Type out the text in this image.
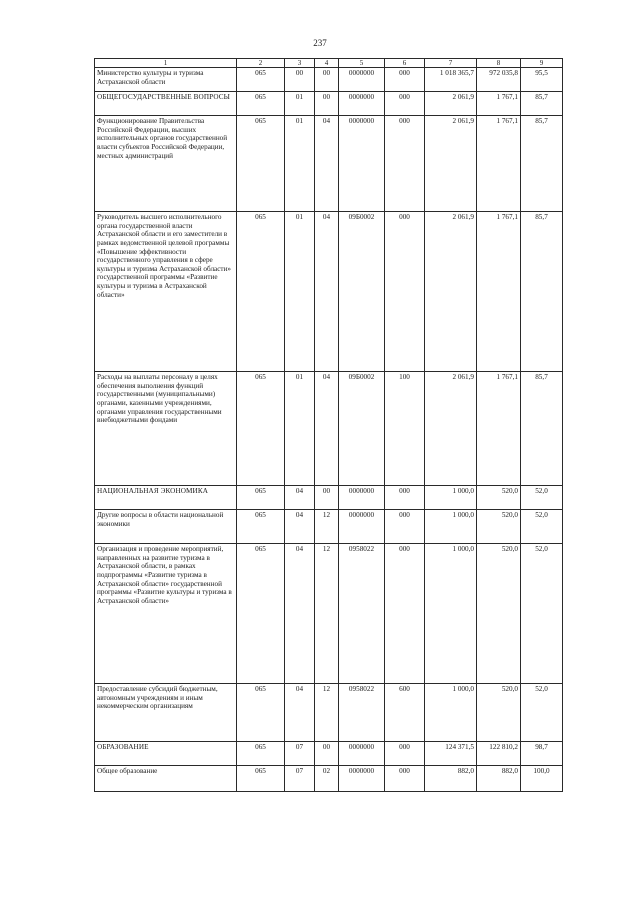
237
1	2	3	4	5	6	7	8	9
Министерство культуры и туризма Астраханской области	065	00	00	0000000	000	1 018 365,7	972 035,8	95,5
ОБЩЕГОСУДАРСТВЕННЫЕ ВОПРОСЫ	065	01	00	0000000	000	2 061,9	1 767,1	85,7
Функционирование Правительства Российской Федерации, высших исполнительных органов государственной власти субъектов Российской Федерации, местных администраций	065	01	04	0000000	000	2 061,9	1 767,1	85,7
Руководитель высшего исполнительного органа государственной власти Астраханской области и его заместители в рамках ведомственной целевой программы «Повышение эффективности государственного управления в сфере культуры и туризма Астраханской области» государственной программы «Развитие культуры и туризма в Астраханской области»	065	01	04	09Б0002	000	2 061,9	1 767,1	85,7
Расходы на выплаты персоналу в целях обеспечения выполнения функций государственными (муниципальными) органами, казенными учреждениями, органами управления государственными внебюджетными фондами	065	01	04	09Б0002	100	2 061,9	1 767,1	85,7
НАЦИОНАЛЬНАЯ ЭКОНОМИКА	065	04	00	0000000	000	1 000,0	520,0	52,0
Другие вопросы в области национальной экономики	065	04	12	0000000	000	1 000,0	520,0	52,0
Организация и проведение мероприятий, направленных на развитие туризма в Астраханской области, в рамках подпрограммы «Развитие туризма в Астраханской области» государственной программы «Развитие культуры и туризма в Астраханской области»	065	04	12	0958022	000	1 000,0	520,0	52,0
Предоставление субсидий бюджетным, автономным учреждениям и иным некоммерческим организациям	065	04	12	0958022	600	1 000,0	520,0	52,0
ОБРАЗОВАНИЕ	065	07	00	0000000	000	124 371,5	122 810,2	98,7
Общее образование	065	07	02	0000000	000	882,0	882,0	100,0
